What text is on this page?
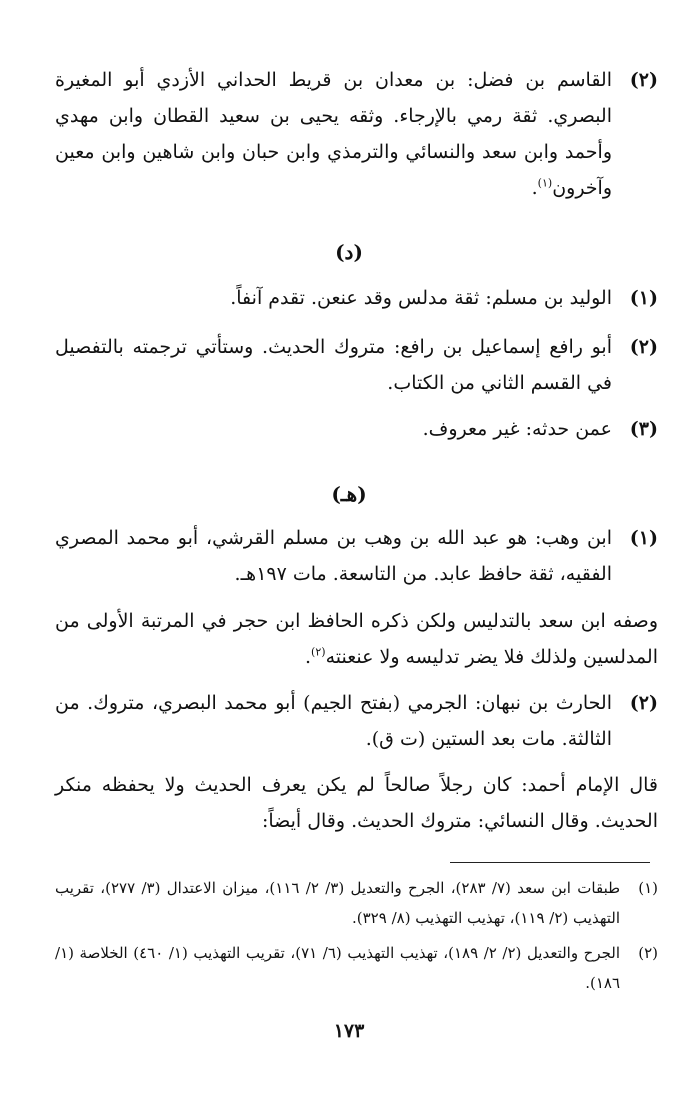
(٢)
القاسم بن فضل: بن معدان بن قريط الحداني الأزدي أبو المغيرة البصري. ثقة رمي بالإرجاء. وثقه يحيى بن سعيد القطان وابن مهدي وأحمد وابن سعد والنسائي والترمذي وابن حبان وابن شاهين وابن معين وآخرون$^{(١)}$.
(د)
(١)
الوليد بن مسلم: ثقة مدلس وقد عنعن. تقدم آنفاً.
(٢)
أبو رافع إسماعيل بن رافع: متروك الحديث. وستأتي ترجمته بالتفصيل في القسم الثاني من الكتاب.
(٣)
عمن حدثه: غير معروف.
(هـ)
(١)
ابن وهب: هو عبد الله بن وهب بن مسلم القرشي، أبو محمد المصري الفقيه، ثقة حافظ عابد. من التاسعة. مات ١٩٧هـ.
وصفه ابن سعد بالتدليس ولكن ذكره الحافظ ابن حجر في المرتبة الأولى من المدلسين ولذلك فلا يضر تدليسه ولا عنعنته$^{(٢)}$.
(٢)
الحارث بن نبهان: الجرمي (بفتح الجيم) أبو محمد البصري، متروك. من الثالثة. مات بعد الستين (ت ق).
قال الإمام أحمد: كان رجلاً صالحاً لم يكن يعرف الحديث ولا يحفظه منكر الحديث. وقال النسائي: متروك الحديث. وقال أيضاً:
(١)
طبقات ابن سعد (٧/ ٢٨٣)، الجرح والتعديل (٣/ ٢/ ١١٦)، ميزان الاعتدال (٣/ ٢٧٧)، تقريب التهذيب (٢/ ١١٩)، تهذيب التهذيب (٨/ ٣٢٩).
(٢)
الجرح والتعديل (٢/ ٢/ ١٨٩)، تهذيب التهذيب (٦/ ٧١)، تقريب التهذيب (١/ ٤٦٠) الخلاصة (١/ ١٨٦).
١٧٣
